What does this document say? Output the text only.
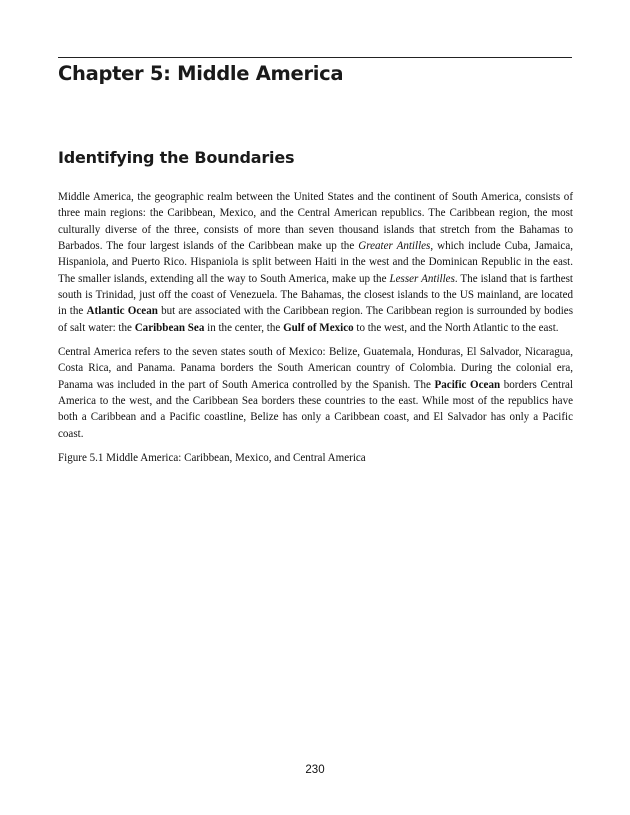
Chapter 5: Middle America
Identifying the Boundaries

Middle America, the geographic realm between the United States and the continent of South America, consists of three main regions: the Caribbean, Mexico, and the Central American republics. The Caribbean region, the most culturally diverse of the three, consists of more than seven thousand islands that stretch from the Bahamas to Barbados. The four largest islands of the Caribbean make up the Greater Antilles, which include Cuba, Jamaica, Hispaniola, and Puerto Rico. Hispaniola is split between Haiti in the west and the Dominican Republic in the east. The smaller islands, extending all the way to South America, make up the Lesser Antilles. The island that is farthest south is Trinidad, just off the coast of Venezuela. The Bahamas, the closest islands to the US mainland, are located in the Atlantic Ocean but are associated with the Caribbean region. The Caribbean region is surrounded by bodies of salt water: the Caribbean Sea in the center, the Gulf of Mexico to the west, and the North Atlantic to the east.

Central America refers to the seven states south of Mexico: Belize, Guatemala, Honduras, El Salvador, Nicaragua, Costa Rica, and Panama. Panama borders the South American country of Colombia. During the colonial era, Panama was included in the part of South America controlled by the Spanish. The Pacific Ocean borders Central America to the west, and the Caribbean Sea borders these countries to the east. While most of the republics have both a Caribbean and a Pacific coastline, Belize has only a Caribbean coast, and El Salvador has only a Pacific coast.

Figure 5.1 Middle America: Caribbean, Mexico, and Central America

230
